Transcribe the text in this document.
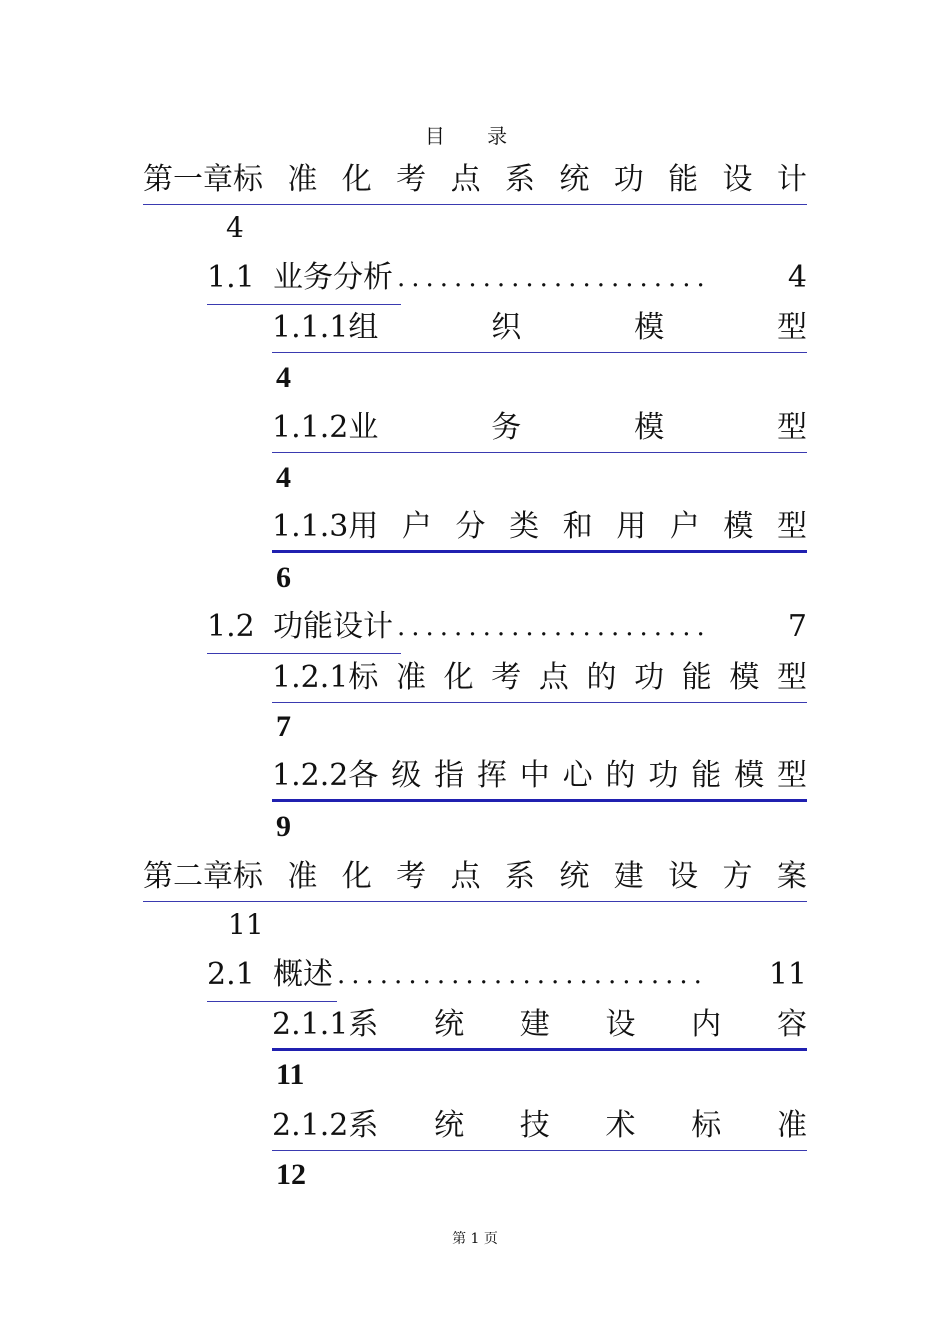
目 录
第一章标 准 化 考 点 系 统 功 能 设 计
4
1.1 业务分析 ......................	4
1.1.1组	织	模	型
4
1.1.2业	务	模	型
4
1.1.3用 户 分 类 和 用 户 模 型
6
1.2 功能设计 ......................	7
1.2.1标 准 化 考 点 的 功 能 模 型
7
1.2.2各 级 指 挥 中 心 的 功 能 模 型
9
第二章标 准 化 考 点 系 统 建 设 方 案
11
2.1 概述 ..........................	11
2.1.1系 统 建 设 内 容
11
2.1.2系 统 技 术 标 准
12
第 1 页
